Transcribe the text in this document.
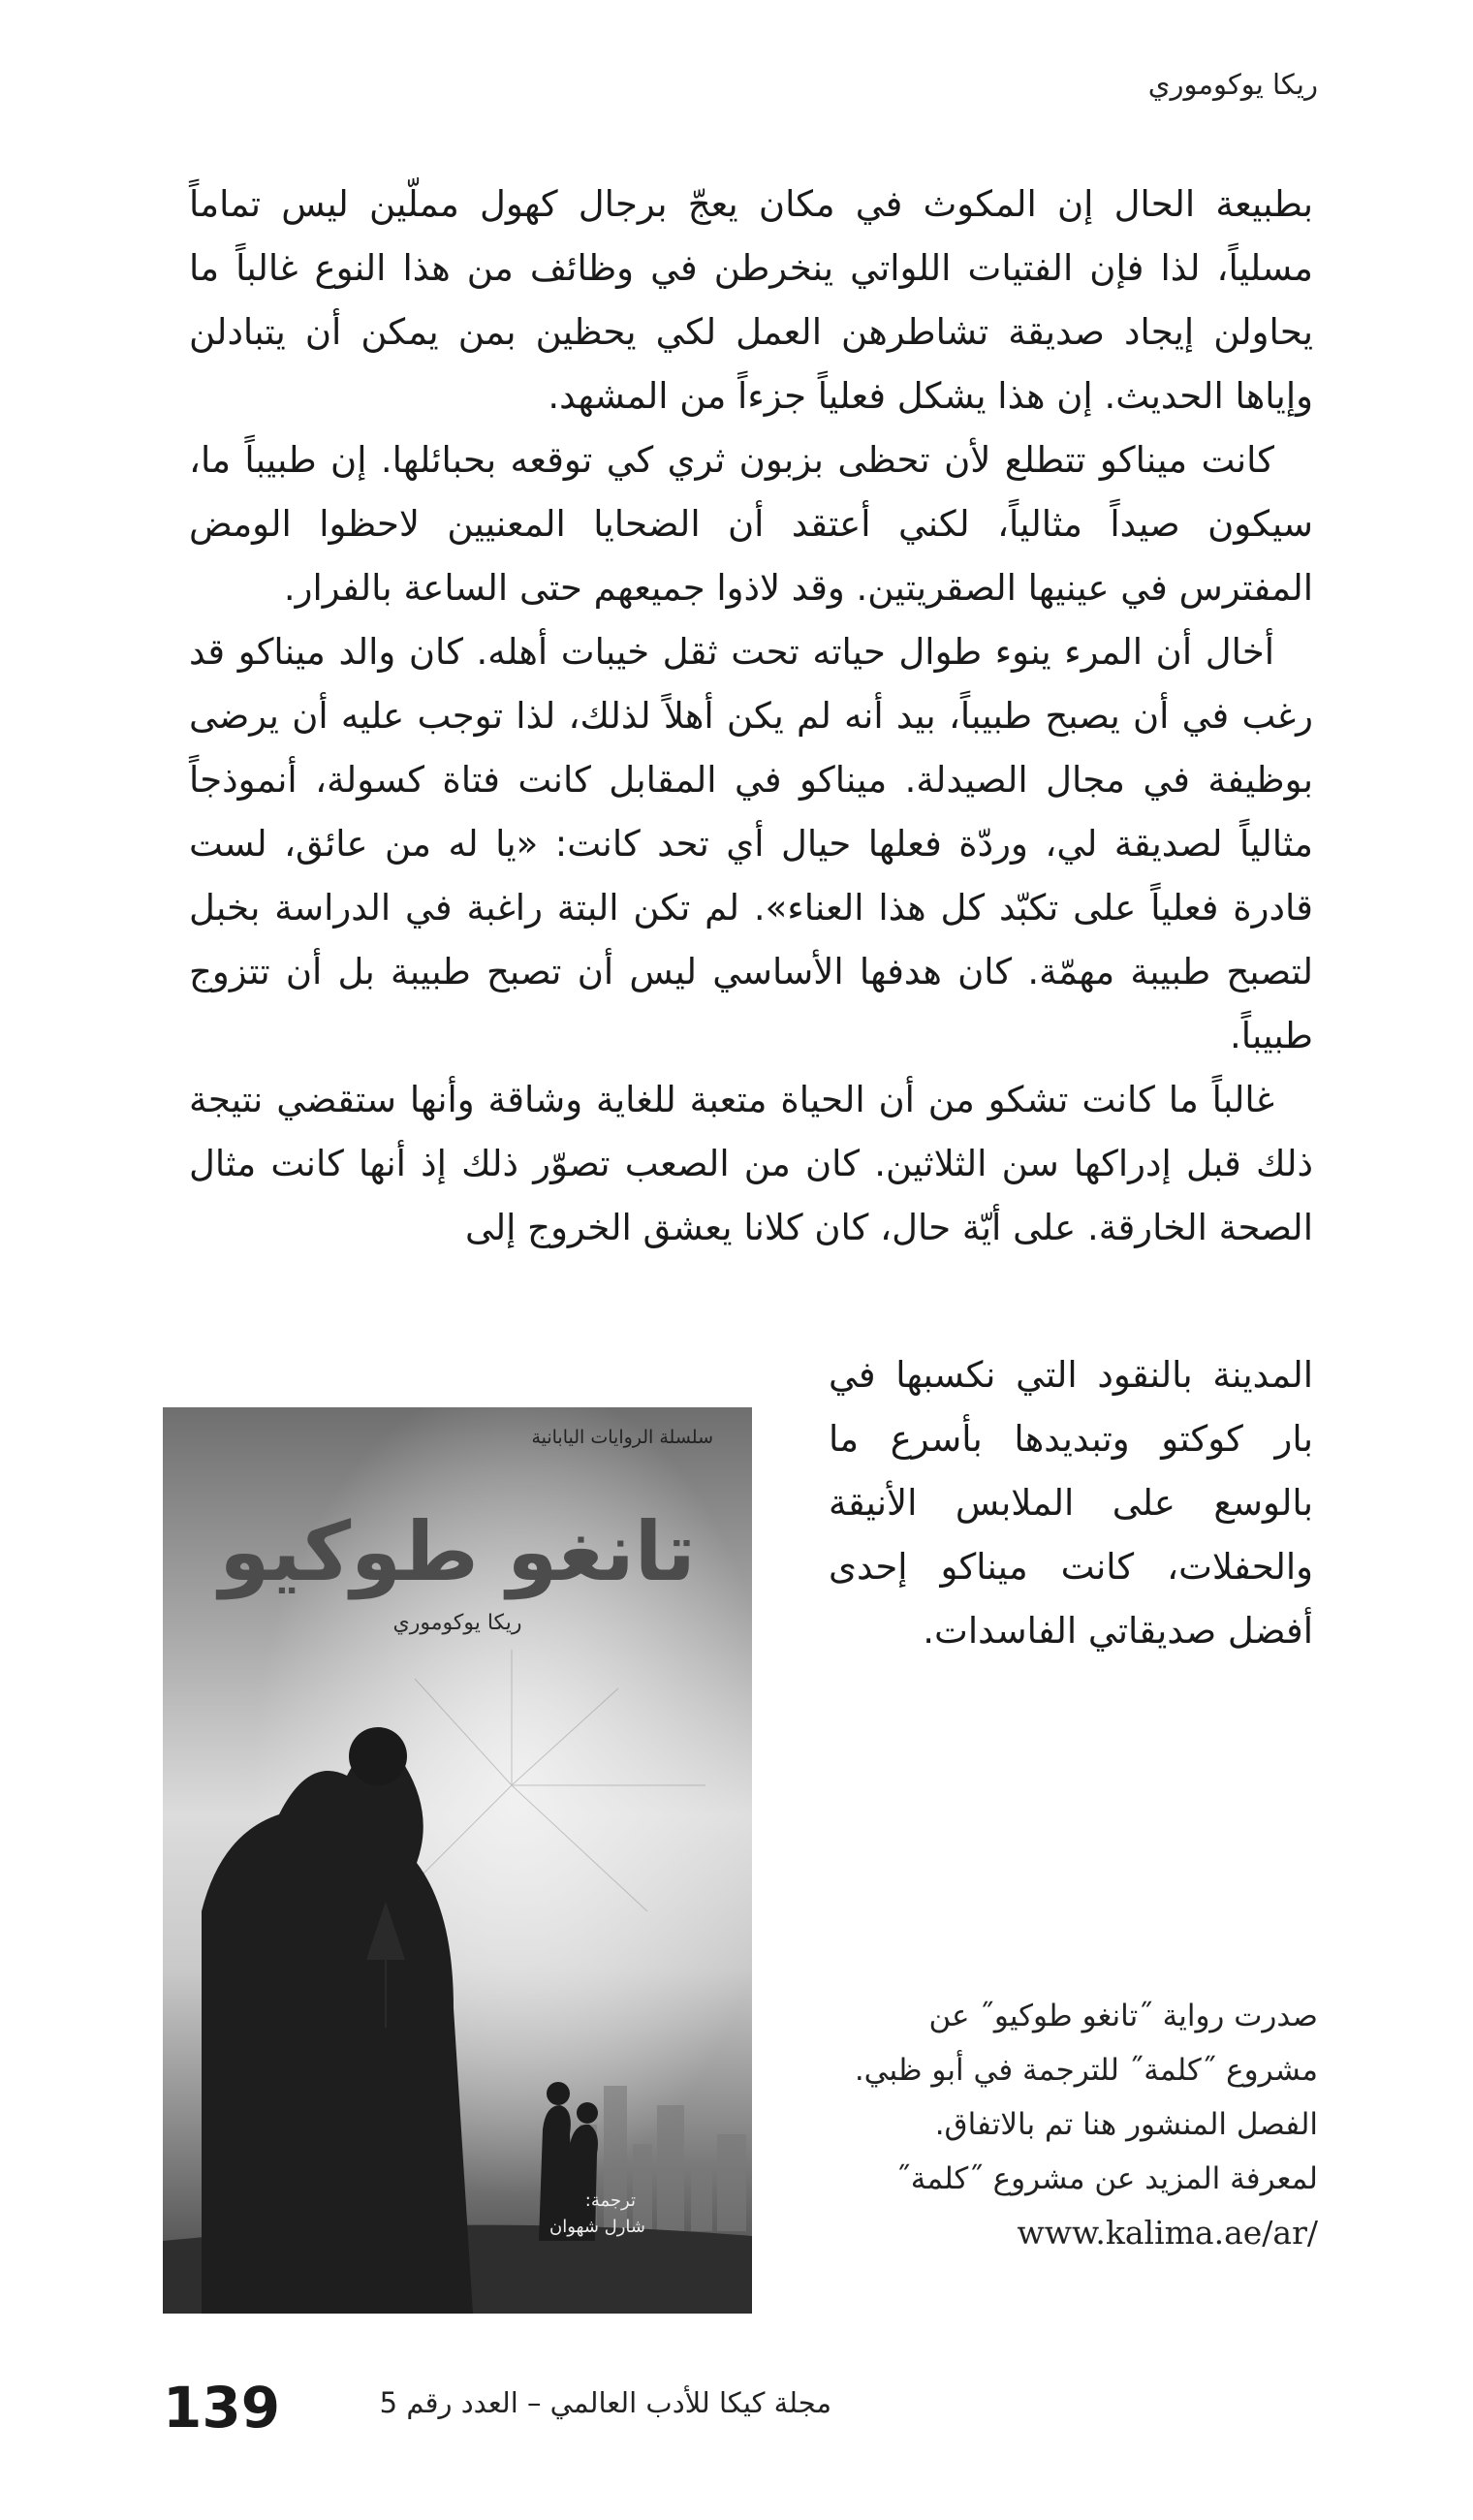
ريكا يوكوموري

بطبيعة الحال إن المكوث في مكان يعجّ برجال كهول مملّين ليس تماماً مسلياً، لذا فإن الفتيات اللواتي ينخرطن في وظائف من هذا النوع غالباً ما يحاولن إيجاد صديقة تشاطرهن العمل لكي يحظين بمن يمكن أن يتبادلن وإياها الحديث. إن هذا يشكل فعلياً جزءاً من المشهد.

كانت ميناكو تتطلع لأن تحظى بزبون ثري كي توقعه بحبائلها. إن طبيباً ما، سيكون صيداً مثالياً، لكني أعتقد أن الضحايا المعنيين لاحظوا الومض المفترس في عينيها الصقريتين. وقد لاذوا جميعهم حتى الساعة بالفرار.

أخال أن المرء ينوء طوال حياته تحت ثقل خيبات أهله. كان والد ميناكو قد رغب في أن يصبح طبيباً، بيد أنه لم يكن أهلاً لذلك، لذا توجب عليه أن يرضى بوظيفة في مجال الصيدلة. ميناكو في المقابل كانت فتاة كسولة، أنموذجاً مثالياً لصديقة لي، وردّة فعلها حيال أي تحد كانت: «يا له من عائق، لست قادرة فعلياً على تكبّد كل هذا العناء». لم تكن البتة راغبة في الدراسة بخبل لتصبح طبيبة مهمّة. كان هدفها الأساسي ليس أن تصبح طبيبة بل أن تتزوج طبيباً.

غالباً ما كانت تشكو من أن الحياة متعبة للغاية وشاقة وأنها ستقضي نتيجة ذلك قبل إدراكها سن الثلاثين. كان من الصعب تصوّر ذلك إذ أنها كانت مثال الصحة الخارقة. على أيّة حال، كان كلانا يعشق الخروج إلى

المدينة بالنقود التي نكسبها في بار كوكتو وتبديدها بأسرع ما بالوسع على الملابس الأنيقة والحفلات، كانت ميناكو إحدى أفضل صديقاتي الفاسدات.
سلسلة الروايات اليابانية
تانغو طوكيو
ريكا يوكوموري
ترجمة:
شارل شهوان
صدرت رواية ˝تانغو طوكيو˝ عن
مشروع ˝كلمة˝ للترجمة في أبو ظبي.
الفصل المنشور هنا تم بالاتفاق.
لمعرفة المزيد عن مشروع ˝كلمة˝
www.kalima.ae/ar/
139	مجلة كيكا للأدب العالمي – العدد رقم 5
